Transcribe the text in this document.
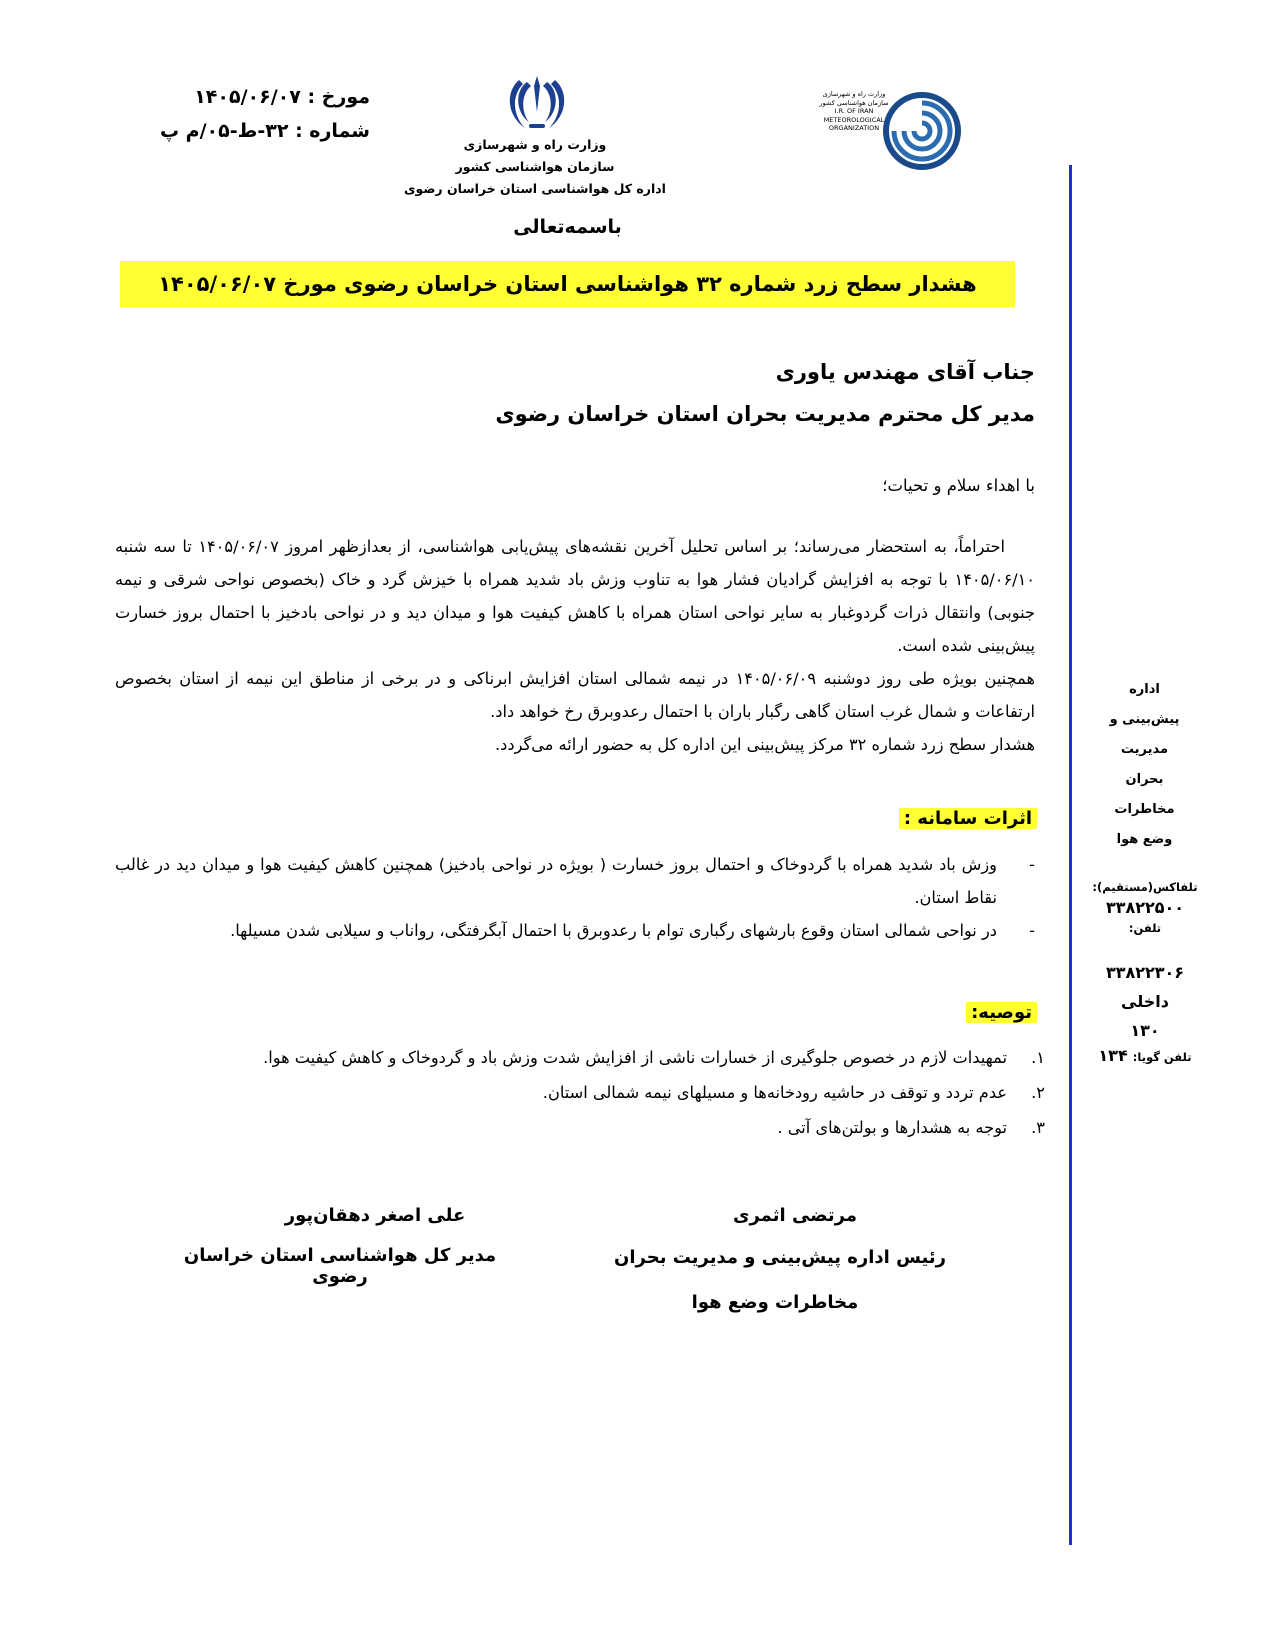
مورخ : ۱۴۰۵/۰۶/۰۷
شماره : ۳۲-ط-۰۵/م پ
وزارت راه و شهرسازی
سازمان هواشناسی کشور
اداره کل هواشناسی استان خراسان رضوی
وزارت راه و شهرسازی
سازمان هواشناسی کشور
I.R. OF IRAN
METEOROLOGICAL
ORGANIZATION
باسمه‌تعالی
هشدار سطح زرد شماره ۳۲ هواشناسی استان خراسان رضوی مورخ ۱۴۰۵/۰۶/۰۷
جناب آقای مهندس یاوری
مدیر کل محترم مدیریت بحران استان خراسان رضوی
با اهداء سلام و تحیات؛

احتراماً، به استحضار می‌رساند؛ بر اساس تحلیل آخرین نقشه‌های پیش‌یابی هواشناسی، از بعدازظهر امروز ۱۴۰۵/۰۶/۰۷ تا سه شنبه ۱۴۰۵/۰۶/۱۰ با توجه به افزایش گرادیان فشار هوا به تناوب وزش باد شدید همراه با خیزش گرد و خاک (بخصوص نواحی شرقی و نیمه جنوبی) وانتقال ذرات گردوغبار به سایر نواحی استان همراه با کاهش کیفیت هوا و میدان دید و در نواحی بادخیز با احتمال بروز خسارت پیش‌بینی شده است.

همچنین بویژه طی روز دوشنبه ۱۴۰۵/۰۶/۰۹ در نیمه شمالی استان افزایش ابرناکی و در برخی از مناطق این نیمه از استان بخصوص ارتفاعات و شمال غرب استان گاهی رگبار باران با احتمال رعدوبرق رخ خواهد داد.

هشدار سطح زرد شماره ۳۲ مرکز پیش‌بینی این اداره کل به حضور ارائه می‌گردد.

اثرات سامانه :
-
وزش باد شدید همراه با گردوخاک و احتمال بروز خسارت ( بویژه در نواحی بادخیز) همچنین کاهش کیفیت هوا و میدان دید در غالب نقاط استان.
-
در نواحی شمالی استان وقوع بارشهای رگباری توام با رعدوبرق با احتمال آبگرفتگی، رواناب و سیلابی شدن مسیلها.
توصیه:
۱.
تمهیدات لازم در خصوص جلوگیری از خسارات ناشی از افزایش شدت وزش باد و گردوخاک و کاهش کیفیت هوا.
۲.
عدم تردد و توقف در حاشیه رودخانه‌ها و مسیلهای نیمه شمالی استان.
۳.
توجه به هشدارها و بولتن‌های آتی .
علی اصغر دهقان‌پور
مدیر کل هواشناسی استان خراسان رضوی
مرتضی اثمری
رئیس اداره پیش‌بینی و مدیریت بحران
مخاطرات وضع هوا
اداره
پیش‌بینی و
مدیریت
بحران
مخاطرات
وضع هوا
تلفاکس(مستقیم):
۳۳۸۲۲۵۰۰
تلفن:
۳۳۸۲۲۳۰۶
داخلی
۱۳۰
تلفن گویا: ۱۳۴
